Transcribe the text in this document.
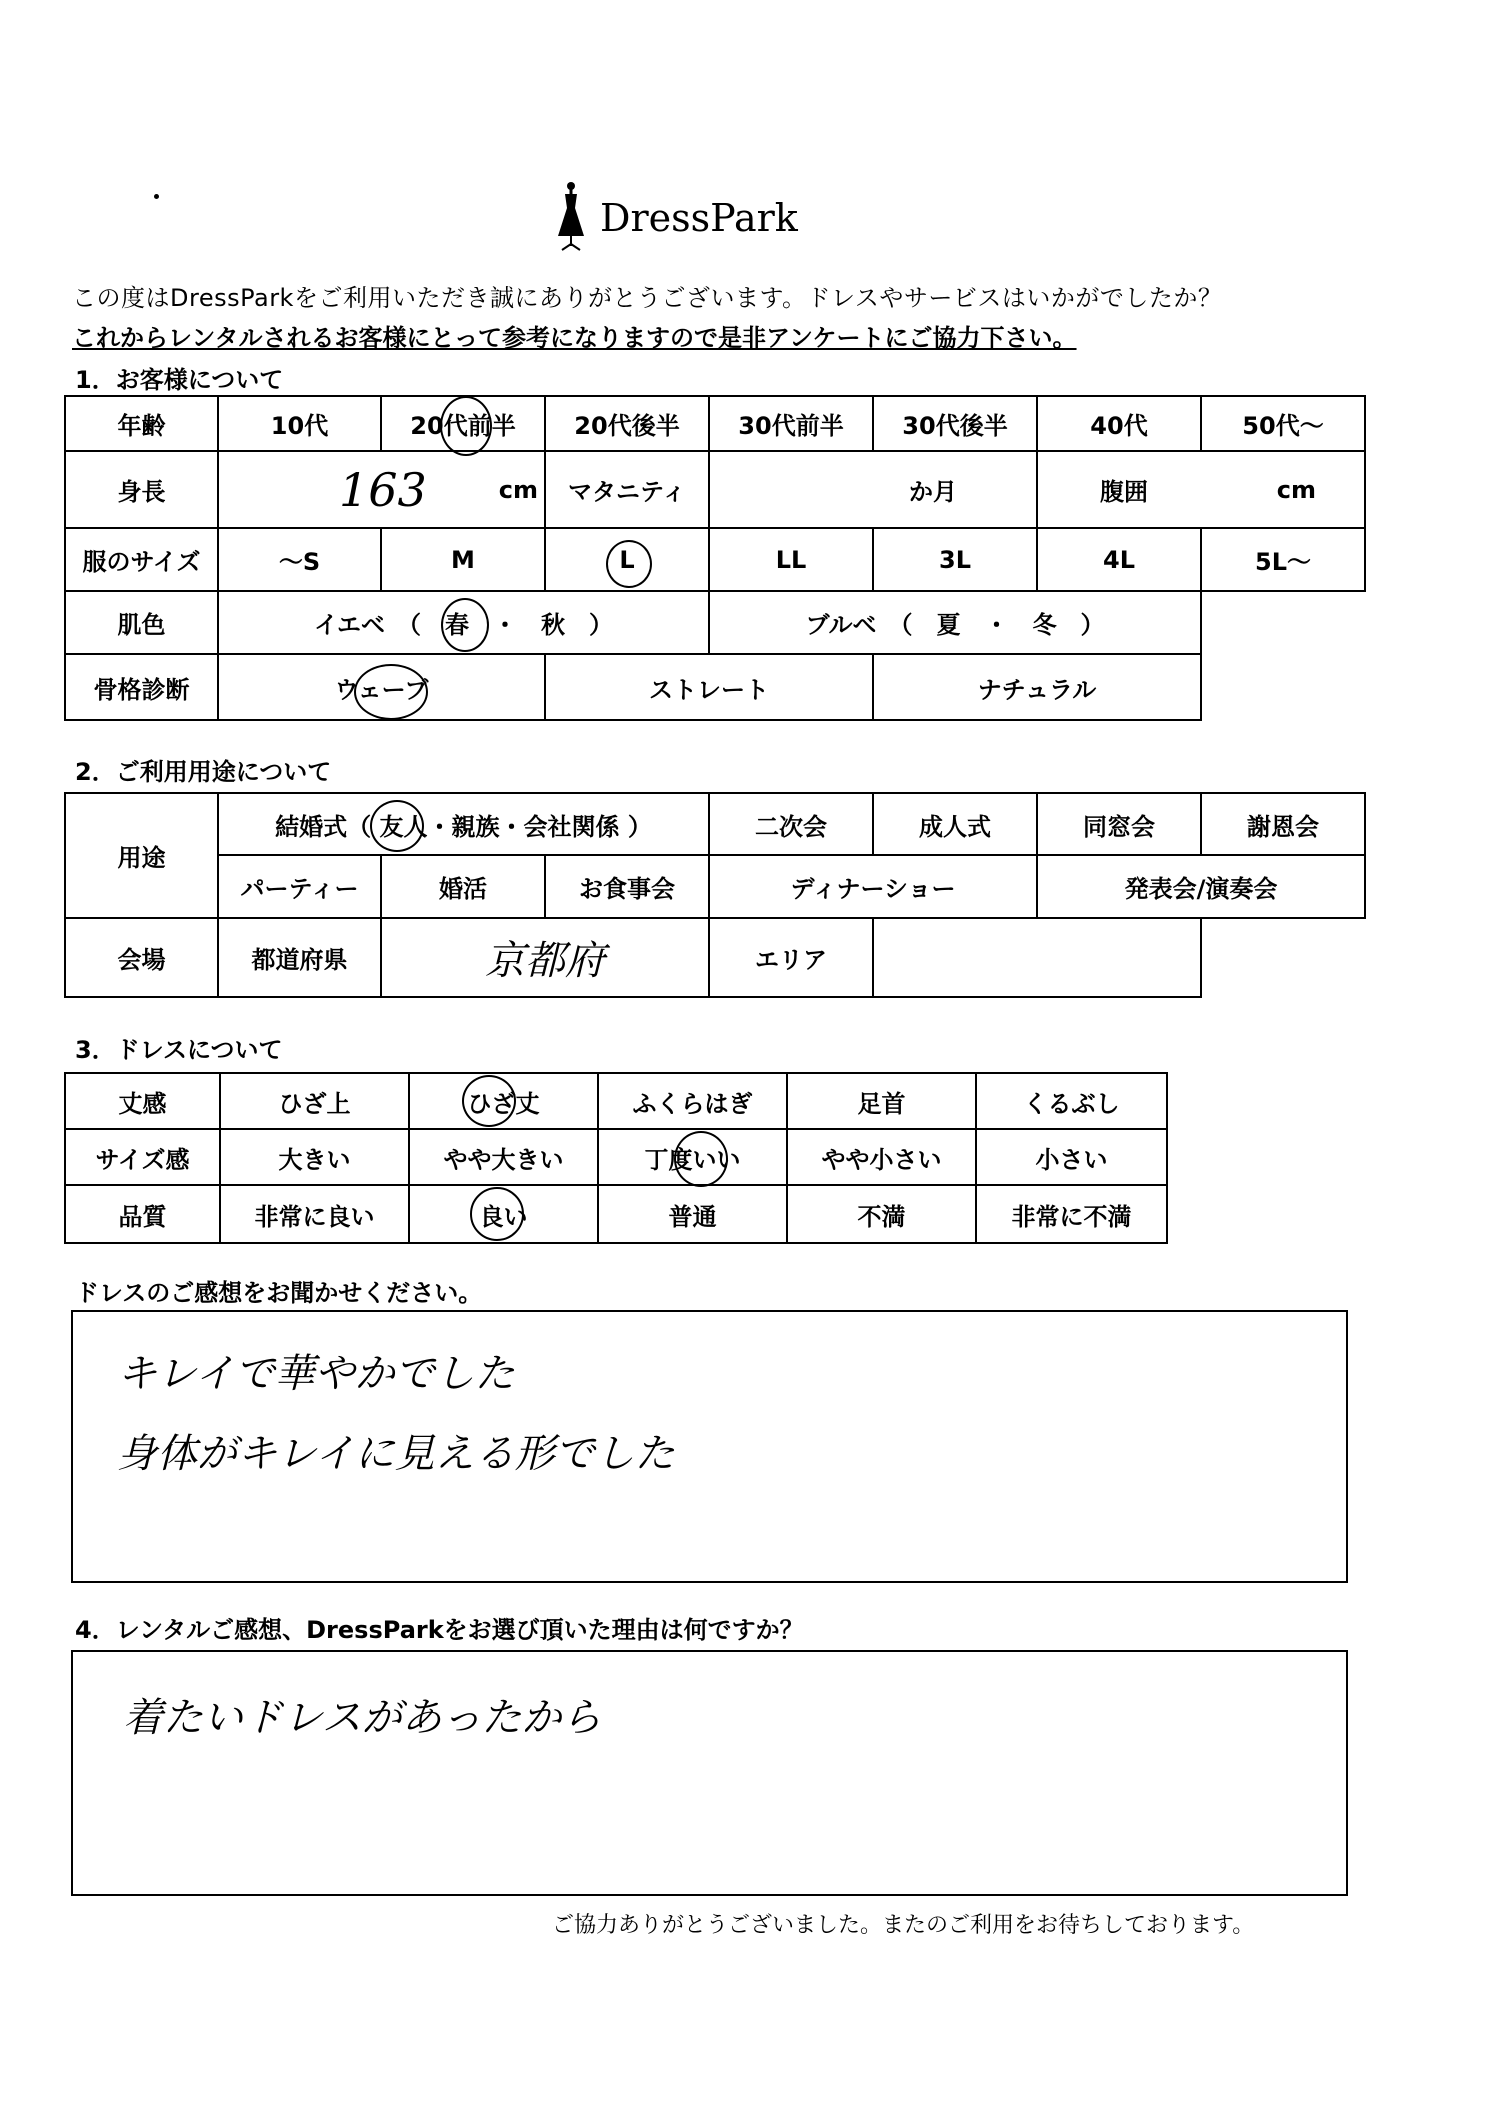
DressPark
この度はDressParkをご利用いただき誠にありがとうございます。ドレスやサービスはいかがでしたか？
これからレンタルされるお客様にとって参考になりますので是非アンケートにご協力下さい。
1．お客様について
年齢	10代	20代前半	20代後半	30代前半	30代後半	40代	50代～
身長	163	cm	マタニティ	か月	腹囲	cm
服のサイズ	～S	M	L	LL	3L	4L	5L～
肌色	イエベ　（　春　・　秋　）	ブルベ　（　夏　・　冬　）
骨格診断	ウェーブ	ストレート	ナチュラル
2．ご利用用途について
用途
結婚式（ 友人・親族・会社関係 ）	二次会	成人式	同窓会	謝恩会
パーティー	婚活	お食事会	ディナーショー	発表会/演奏会
会場	都道府県	京都府	エリア
3．ドレスについて
丈感	ひざ上	ひざ丈	ふくらはぎ	足首	くるぶし
サイズ感	大きい	やや大きい	丁度いい	やや小さい	小さい
品質	非常に良い	良い	普通	不満	非常に不満
ドレスのご感想をお聞かせください。
キレイで華やかでした
身体がキレイに見える形でした
4．レンタルご感想、DressParkをお選び頂いた理由は何ですか？
着たいドレスがあったから
ご協力ありがとうございました。またのご利用をお待ちしております。
